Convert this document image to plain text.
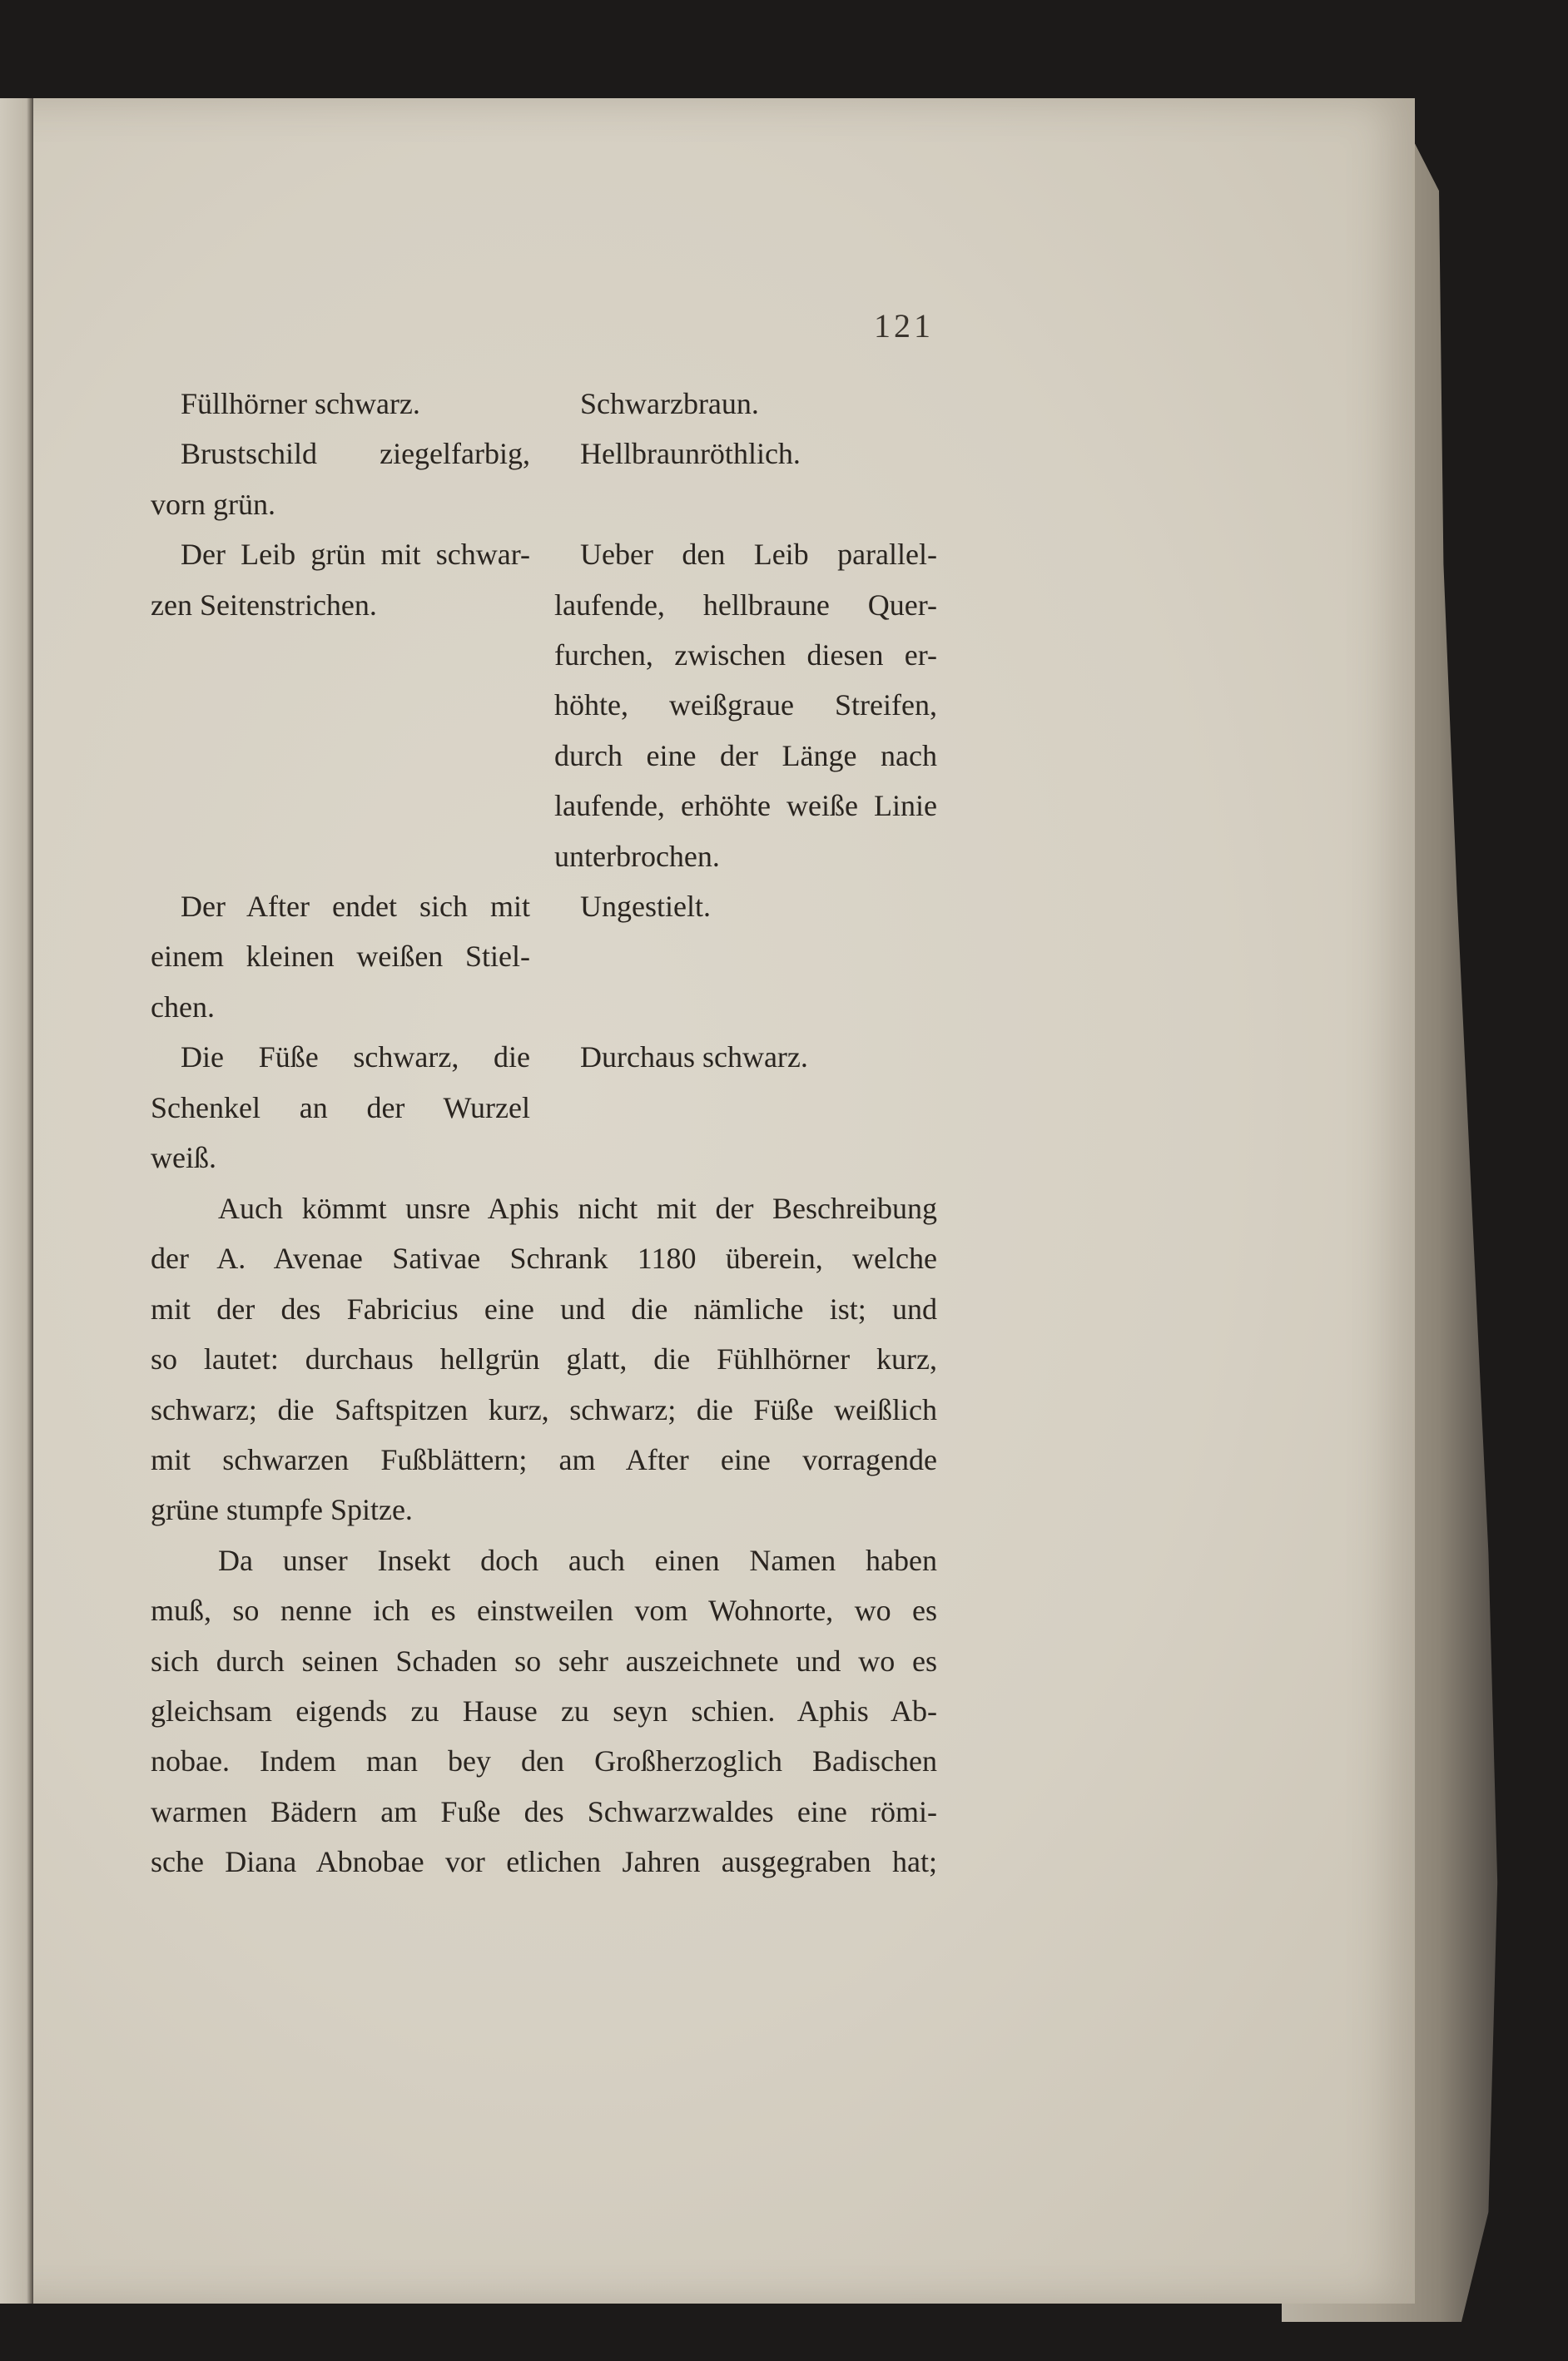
121
Füllhörner schwarz.	Schwarzbraun.
Brustschild ziegelfarbig,
vorn grün.
Hellbraunröthlich.
Der Leib grün mit schwar-
zen Seitenstrichen.
Ueber den Leib parallel-
laufende, hellbraune Quer-
furchen, zwischen diesen er-
höhte, weißgraue Streifen,
durch eine der Länge nach
laufende, erhöhte weiße Linie
unterbrochen.
Der After endet sich mit
einem kleinen weißen Stiel-
chen.
Ungestielt.
Die Füße schwarz, die
Schenkel an der Wurzel
weiß.
Durchaus schwarz.
Auch kömmt unsre Aphis nicht mit der Beschreibung
der A. Avenae Sativae Schrank 1180 überein, welche
mit der des Fabricius eine und die nämliche ist; und
so lautet: durchaus hellgrün glatt, die Fühlhörner kurz,
schwarz; die Saftspitzen kurz, schwarz; die Füße weißlich
mit schwarzen Fußblättern; am After eine vorragende
grüne stumpfe Spitze.
Da unser Insekt doch auch einen Namen haben
muß, so nenne ich es einstweilen vom Wohnorte, wo es
sich durch seinen Schaden so sehr auszeichnete und wo es
gleichsam eigends zu Hause zu seyn schien. Aphis Ab-
nobae. Indem man bey den Großherzoglich Badischen
warmen Bädern am Fuße des Schwarzwaldes eine römi-
sche Diana Abnobae vor etlichen Jahren ausgegraben hat;
